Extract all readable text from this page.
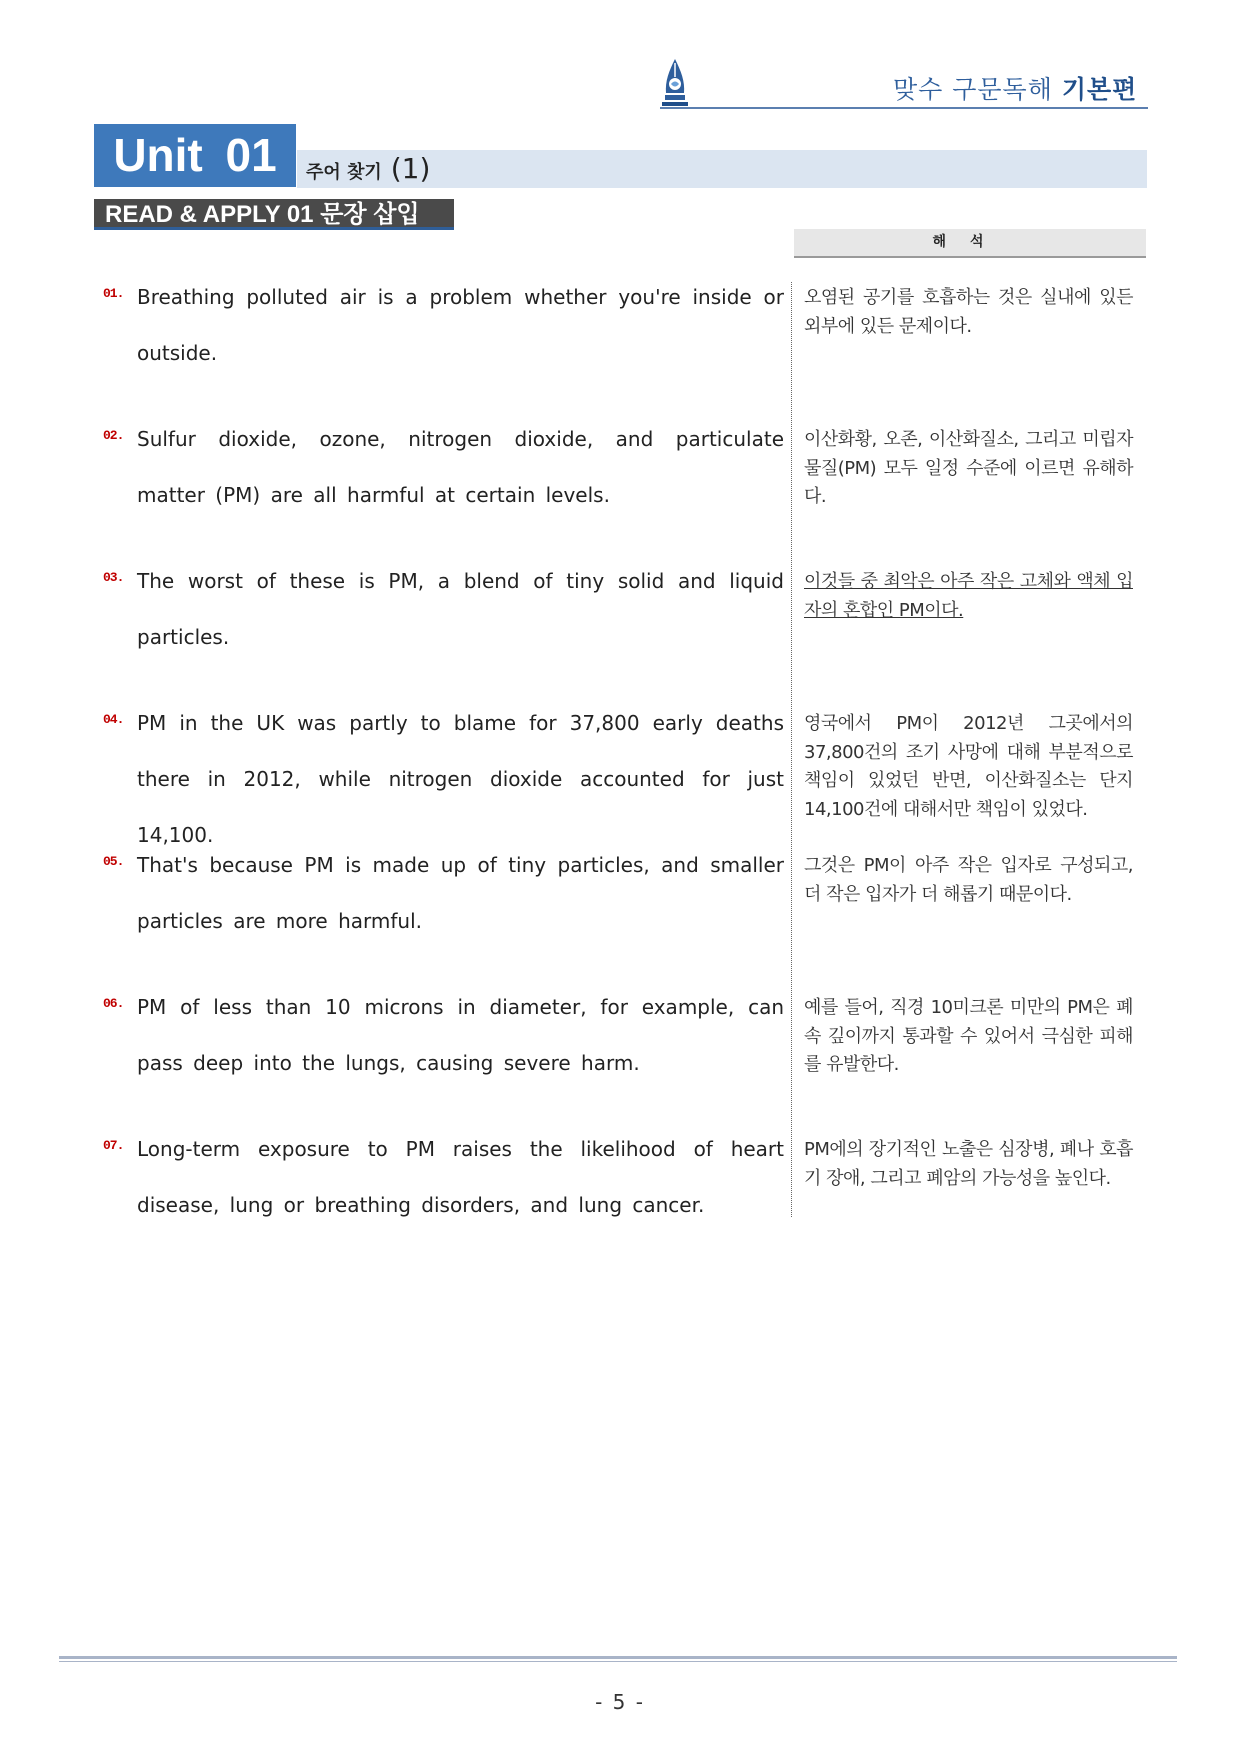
맞수 구문독해 기본편
Unit 01	주어 찾기 (1)
READ & APPLY 01 문장 삽입
해석
01. Breathing polluted air is a problem whether you're inside or outside.
오염된 공기를 호흡하는 것은 실내에 있든 외부에 있든 문제이다.
02. Sulfur dioxide, ozone, nitrogen dioxide, and particulate matter (PM) are all harmful at certain levels.
이산화황, 오존, 이산화질소, 그리고 미립자 물질(PM) 모두 일정 수준에 이르면 유해하다.
03. The worst of these is PM, a blend of tiny solid and liquid particles.
이것들 중 최악은 아주 작은 고체와 액체 입자의 혼합인 PM이다.
04. PM in the UK was partly to blame for 37,800 early deaths there in 2012, while nitrogen dioxide accounted for just 14,100.
영국에서 PM이 2012년 그곳에서의 37,800건의 조기 사망에 대해 부분적으로 책임이 있었던 반면, 이산화질소는 단지 14,100건에 대해서만 책임이 있었다.
05. That's because PM is made up of tiny particles, and smaller particles are more harmful.
그것은 PM이 아주 작은 입자로 구성되고, 더 작은 입자가 더 해롭기 때문이다.
06. PM of less than 10 microns in diameter, for example, can pass deep into the lungs, causing severe harm.
예를 들어, 직경 10미크론 미만의 PM은 폐 속 깊이까지 통과할 수 있어서 극심한 피해를 유발한다.
07. Long-term exposure to PM raises the likelihood of heart disease, lung or breathing disorders, and lung cancer.
PM에의 장기적인 노출은 심장병, 폐나 호흡기 장애, 그리고 폐암의 가능성을 높인다.
- 5 -
